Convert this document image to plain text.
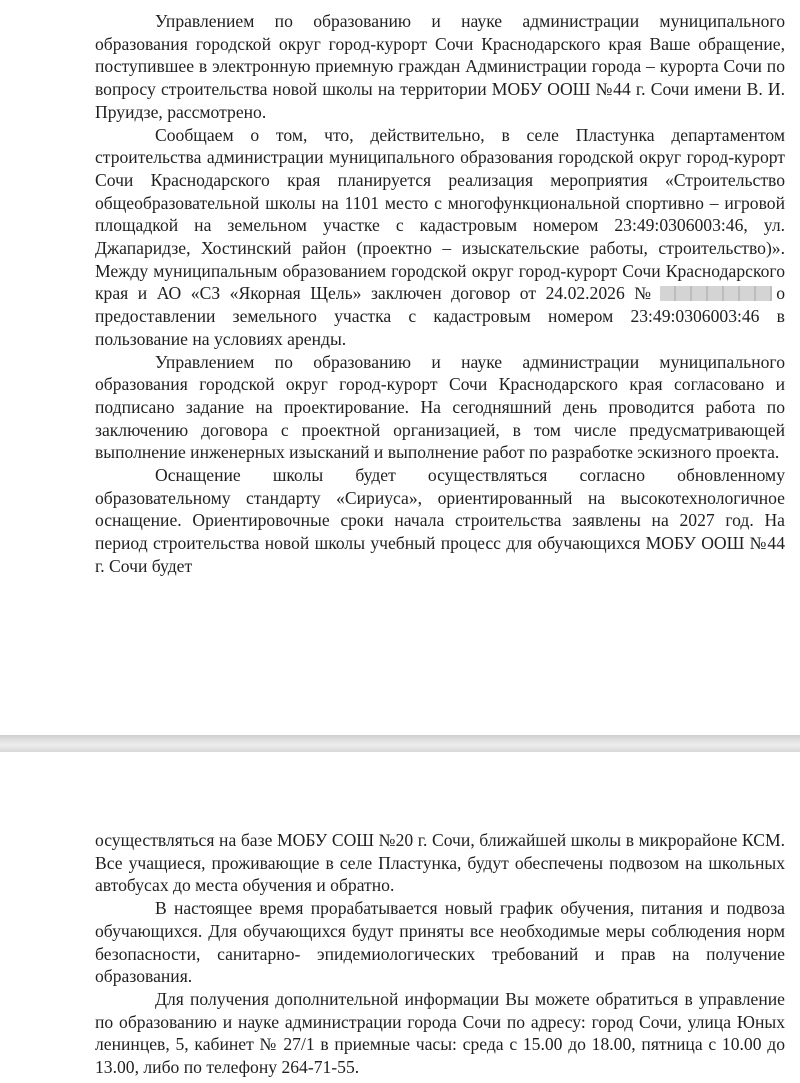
Управлением по образованию и науке администрации муниципального образования городской округ город-курорт Сочи Краснодарского края Ваше обращение, поступившее в электронную приемную граждан Администрации города – курорта Сочи по вопросу строительства новой школы на территории МОБУ ООШ №44 г. Сочи имени В. И. Пруидзе, рассмотрено.

Сообщаем о том, что, действительно, в селе Пластунка департаментом строительства администрации муниципального образования городской округ город-курорт Сочи Краснодарского края планируется реализация мероприятия «Строительство общеобразовательной школы на 1101 место с многофункциональной спортивно – игровой площадкой на земельном участке с кадастровым номером 23:49:0306003:46, ул. Джапаридзе, Хостинский район (проектно – изыскательские работы, строительство)». Между муниципальным образованием городской округ город-курорт Сочи Краснодарского края и АО «СЗ «Якорная Щель» заключен договор от 24.02.2026 №	о предоставлении земельного участка с кадастровым номером 23:49:0306003:46 в пользование на условиях аренды.

Управлением по образованию и науке администрации муниципального образования городской округ город-курорт Сочи Краснодарского края согласовано и подписано задание на проектирование. На сегодняшний день проводится работа по заключению договора с проектной организацией, в том числе предусматривающей выполнение инженерных изысканий и выполнение работ по разработке эскизного проекта.

Оснащение школы будет осуществляться согласно обновленному образовательному стандарту «Сириуса», ориентированный на высокотехнологичное оснащение. Ориентировочные сроки начала строительства заявлены на 2027 год. На период строительства новой школы учебный процесс для обучающихся МОБУ ООШ №44 г. Сочи будет

осуществляться на базе МОБУ СОШ №20 г. Сочи, ближайшей школы в микрорайоне КСМ. Все учащиеся, проживающие в селе Пластунка, будут обеспечены подвозом на школьных автобусах до места обучения и обратно.

В настоящее время прорабатывается новый график обучения, питания и подвоза обучающихся. Для обучающихся будут приняты все необходимые меры соблюдения норм безопасности, санитарно- эпидемиологических требований и прав на получение образования.

Для получения дополнительной информации Вы можете обратиться в управление по образованию и науке администрации города Сочи по адресу: город Сочи, улица Юных ленинцев, 5, кабинет № 27/1 в приемные часы: среда с 15.00 до 18.00, пятница с 10.00 до 13.00, либо по телефону 264-71-55.
